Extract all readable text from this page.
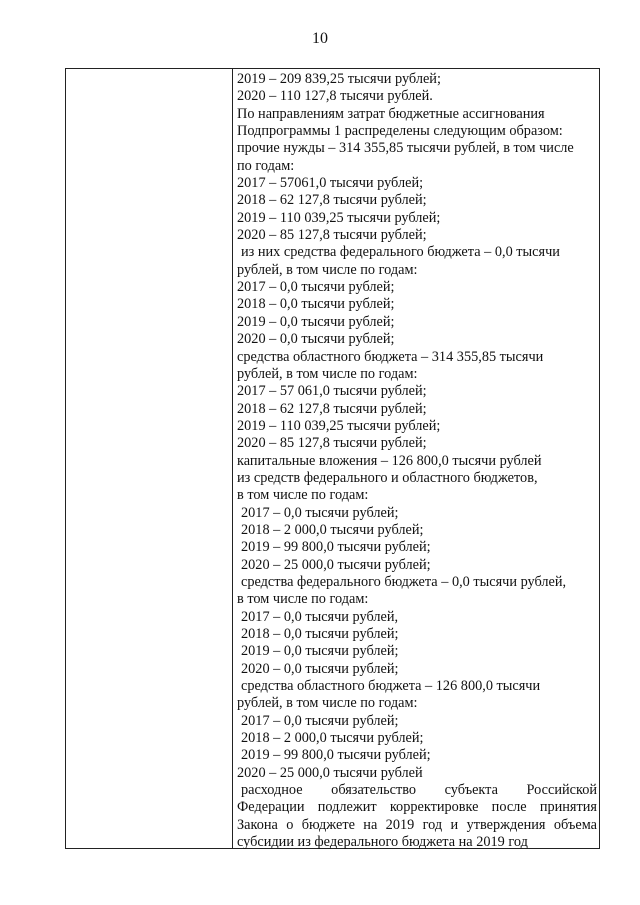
10
2019 – 209 839,25 тысячи рублей;
2020 – 110 127,8 тысячи рублей.
По направлениям затрат бюджетные ассигнования
Подпрограммы 1 распределены следующим образом:
прочие нужды – 314 355,85 тысячи рублей, в том числе
по годам:
2017 – 57061,0 тысячи рублей;
2018 – 62 127,8 тысячи рублей;
2019 – 110 039,25 тысячи рублей;
2020 – 85 127,8 тысячи рублей;
из них средства федерального бюджета – 0,0 тысячи
рублей, в том числе по годам:
2017 – 0,0 тысячи рублей;
2018 – 0,0 тысячи рублей;
2019 – 0,0 тысячи рублей;
2020 – 0,0 тысячи рублей;
средства областного бюджета – 314 355,85 тысячи
рублей, в том числе по годам:
2017 – 57 061,0 тысячи рублей;
2018 – 62 127,8 тысячи рублей;
2019 – 110 039,25 тысячи рублей;
2020 – 85 127,8 тысячи рублей;
капитальные вложения – 126 800,0 тысячи рублей
из средств федерального и областного бюджетов,
в том числе по годам:
2017 – 0,0 тысячи рублей;
2018 – 2 000,0 тысячи рублей;
2019 – 99 800,0 тысячи рублей;
2020 – 25 000,0 тысячи рублей;
средства федерального бюджета – 0,0 тысячи рублей,
в том числе по годам:
2017 – 0,0 тысячи рублей,
2018 – 0,0 тысячи рублей;
2019 – 0,0 тысячи рублей;
2020 – 0,0 тысячи рублей;
средства областного бюджета – 126 800,0 тысячи
рублей, в том числе по годам:
2017 – 0,0 тысячи рублей;
2018 – 2 000,0 тысячи рублей;
2019 – 99 800,0 тысячи рублей;
2020 – 25 000,0 тысячи рублей
расходное обязательство субъекта Российской
Федерации подлежит корректировке после принятия
Закона о бюджете на 2019 год и утверждения объема
субсидии из федерального бюджета на 2019 год
